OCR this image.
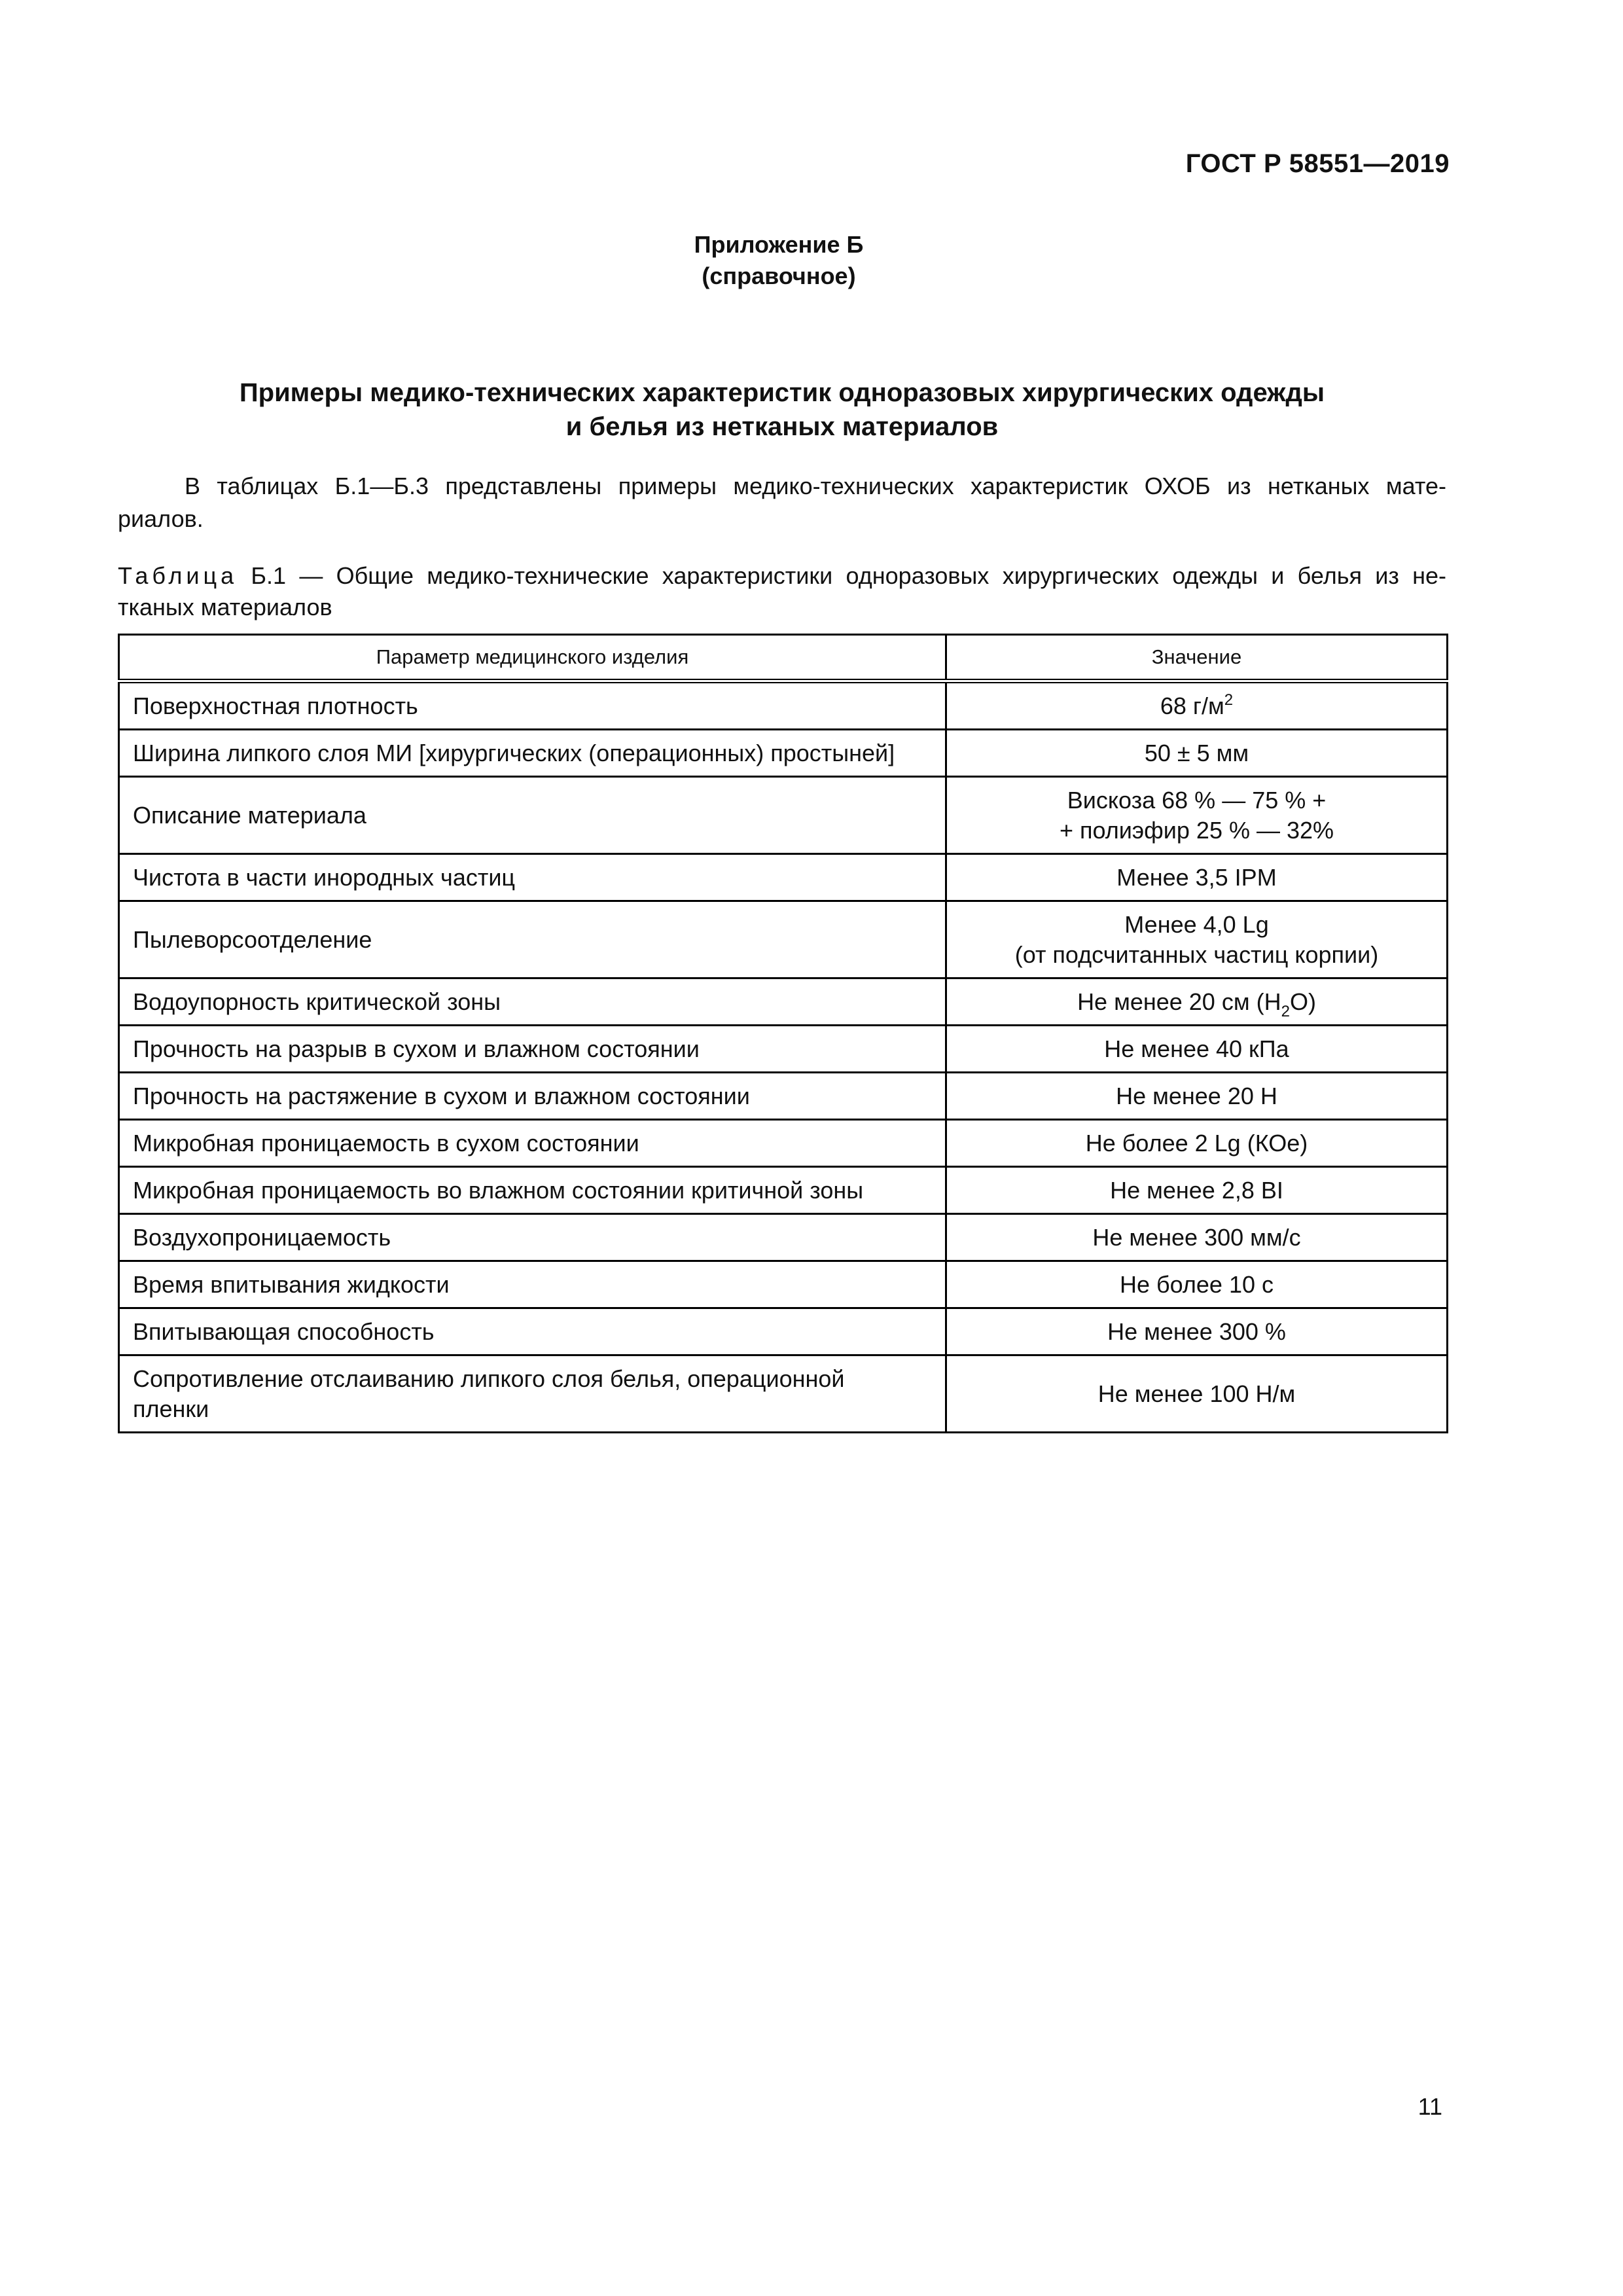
ГОСТ Р 58551—2019
Приложение Б
(справочное)
Примеры медико-технических характеристик одноразовых хирургических одежды
и белья из нетканых материалов
В таблицах Б.1—Б.3 представлены примеры медико-технических характеристик ОХОБ из нетканых мате-
риалов.
Таблица Б.1 — Общие медико-технические характеристики одноразовых хирургических одежды и белья из не-
тканых материалов
Параметр медицинского изделия	Значение
Поверхностная плотность	68 $г/м^2$
Ширина липкого слоя МИ [хирургических (операционных) простыней]	50 ± 5 мм
Описание материала	Вискоза 68 % — 75 % +
+ полиэфир 25 % — 32%

Чистота в части инородных частиц	Менее 3,5 IPM
Пылеворсоотделение	Менее 4,0 Lg
(от подсчитанных частиц корпии)

Водоупорность критической зоны	Не менее 20 см $(H_2O)$
Прочность на разрыв в сухом и влажном состоянии	Не менее 40 кПа
Прочность на растяжение в сухом и влажном состоянии	Не менее 20 Н
Микробная проницаемость в сухом состоянии	Не более 2 Lg (КОе)
Микробная проницаемость во влажном состоянии критичной зоны	Не менее 2,8 BI
Воздухопроницаемость	Не менее 300 мм/с
Время впитывания жидкости	Не более 10 с
Впитывающая способность	Не менее 300 %

Сопротивление отслаиванию липкого слоя белья, операционной
пленки	Не менее 100 Н/м
11
